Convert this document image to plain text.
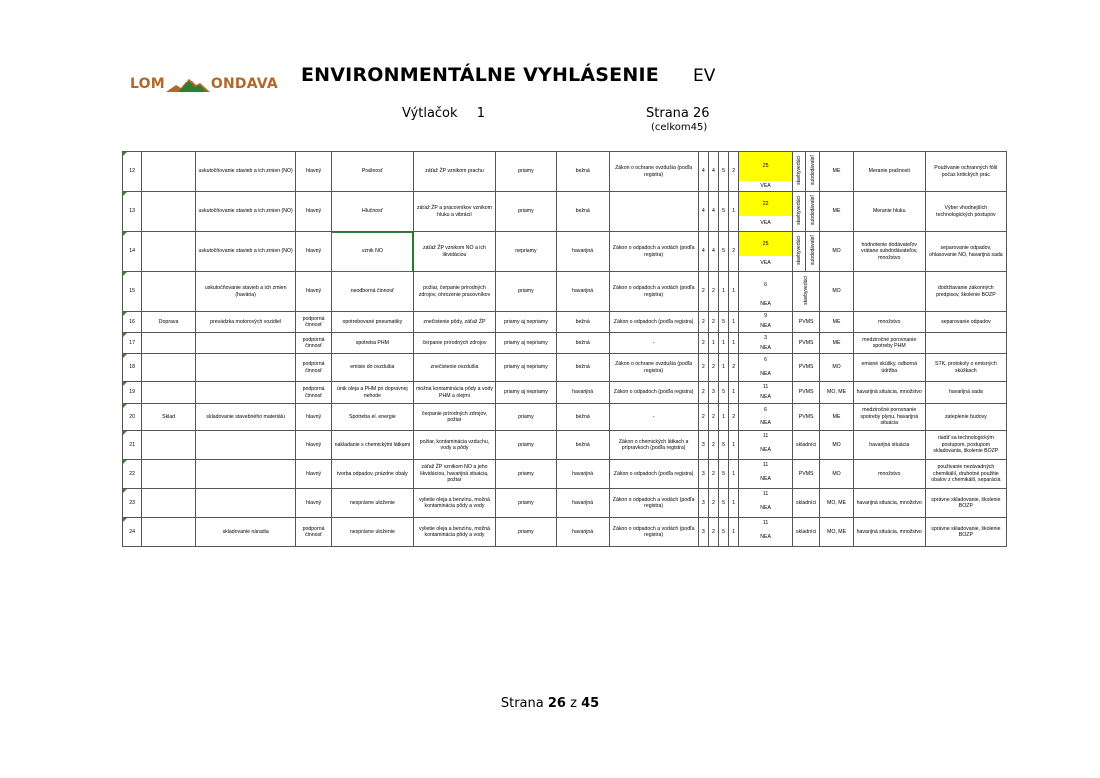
LOM	ONDAVA ENVIRONMENTÁLNE VYHLÁSENIE EV
Výtlačok 1	Strana 26
(celkom45)
12		uskutočňovanie stavieb a ich zmien (NO)	hlavný	Prašnosť	záťaž ŽP vznikom prachu	priamy	bežná	Zákon o ochrane ovzdušia (podľa registra)	4	4	5	2	25	stavbyvedúci	subdodávateľ	ME	Meranie prašnosti	Použivanie ochranných fólií počas kritických prác
													VEA					
13		uskutočňovanie stavieb a ich zmien (NO)	hlavný	Hlučnosť	záťaž ŽP a pracovníkov vznikom hluku a vibrácií	priamy	bežná		4	4	5	1	22	stavbyvedúci	subdodávateľ	ME	Meranie hluku	Výber vhodnejších technologických postupov
													VEA					
14		uskutočňovanie stavieb a ich zmien (NO)	hlavný	vznik NO	záťaž ŽP vznikom NO a ich likvidáciou	nepriamy	havarijná	Zákon o odpadoch a vodách (podľa registra)	4	4	5	2	25	stavbyvedúci	subdodávateľ	MO	hodnotenie dodávateľov vrátane subdodávateľov, množstvo	separovanie odpadov, ohlasovanie NO, havarijná sada
													VEA					
15		uskutočňovanie stavieb a ich zmien (havária)	hlavný	neodborná činnosť	požiar, čerpanie prírodných zdrojov, ohrozenie pracovníkov	priamy	havarijná	Zákon o odpadoch a vodách (podľa registra)	2	2	1	1	6	stavbyvedúci		MO		dodržiavanie zákonných predpisov, školenie BOZP
													NEA					
16	Doprava	prevádzka motorových vozidiel	podporná činnosť	opotrebované pneumatiky	znečistenie pôdy, záťaž ŽP	priamy aj nepriamy	bežná	Zákon o odpadoch (podľa registra)	2	2	5	1	9	PVMS		ME	množstvo	separovanie odpadov
													NEA					
17			podporná činnosť	spotreba PHM	čerpanie prírodných zdrojov	priamy aj nepriamy	bežná	-	2	1	1	1	3	PVMS		ME	medziročné porovnanie spotreby PHM	
													NEA					
18			podporná činnosť	emisie do ovzdušia	znečistenie ovzdušia	priamy aj nepriamy	bežná	Zákon o ochrane ovzdušia (podľa registra)	2	2	1	2	6	PVMS		MO	emisné skúšky, odborná údržba	STK, protokoly o emisných skúškach
													NEA					
19			podporná činnosť	únik oleja a PHM pri dopravnej nehode	možná kontaminácia pôdy a vody PHM a olejmi	priamy aj nepriamy	havarijná	Zákon o odpadoch (podľa registra)	2	3	5	1	11	PVMS		MO, ME	havarijná situácia, množstvo	havarijná sada
													NEA					
20	Sklad	skladovanie stavebného materiálu	hlavný	Spotreba el. energie	čerpanie prírodných zdrojov, požiar	priamy	bežná	-	2	2	1	2	6	PVMS		ME	medziročné porovnanie spotreby plynu, havarijná situácia	zateplenie budovy
													NEA					
21			hlavný	nakladanie s chemickými látkami	požiar, kontaminácia vzduchu, vody a pôdy	priamy	bežná	Zákon o chemických látkach a prípravkoch (podľa registra)	3	2	5	1	11	skladníci		MO	havarijná situácia	riadiť sa technologickým postupom, postupom skladovania, školenie BOZP
													NEA					
22			hlavný	tvorba odpadov, prázdne obaly	záťaž ŽP vznikom NO a jeho likvidáciou, havarijná situácia, požiar	priamy	havarijná	Zákon o odpadoch (podľa registra)	3	2	5	1	11	PVMS		MO	množstvo	použivanie nezávadných chemikálií, druhotné použitie obalov z chemikálií, separácia
													NEA					
23			hlavný	nesprávne uloženie	vylietie oleja a benzínu, možná kontaminácia pôdy a vody	priamy	havarijná	Zákon o odpadoch a vodách (podľa registra)	3	2	5	1	11	skladníci		MO, ME	havarijná situácia, množstvo	správne skladovanie, školenie BOZP
													NEA					
24		skladovanie náradia	podporná činnosť	nesprávne uloženie	vylietie oleja a benzínu, možná kontaminácia pôdy a vody	priamy	havarijná	Zákon o odpadoch a vodách (podľa registra)	3	2	5	1	11	skladníci		MO, ME	havarijná situácia, množstvo	správne skladovanie, školenie BOZP
													NEA					
Strana 26 z 45
